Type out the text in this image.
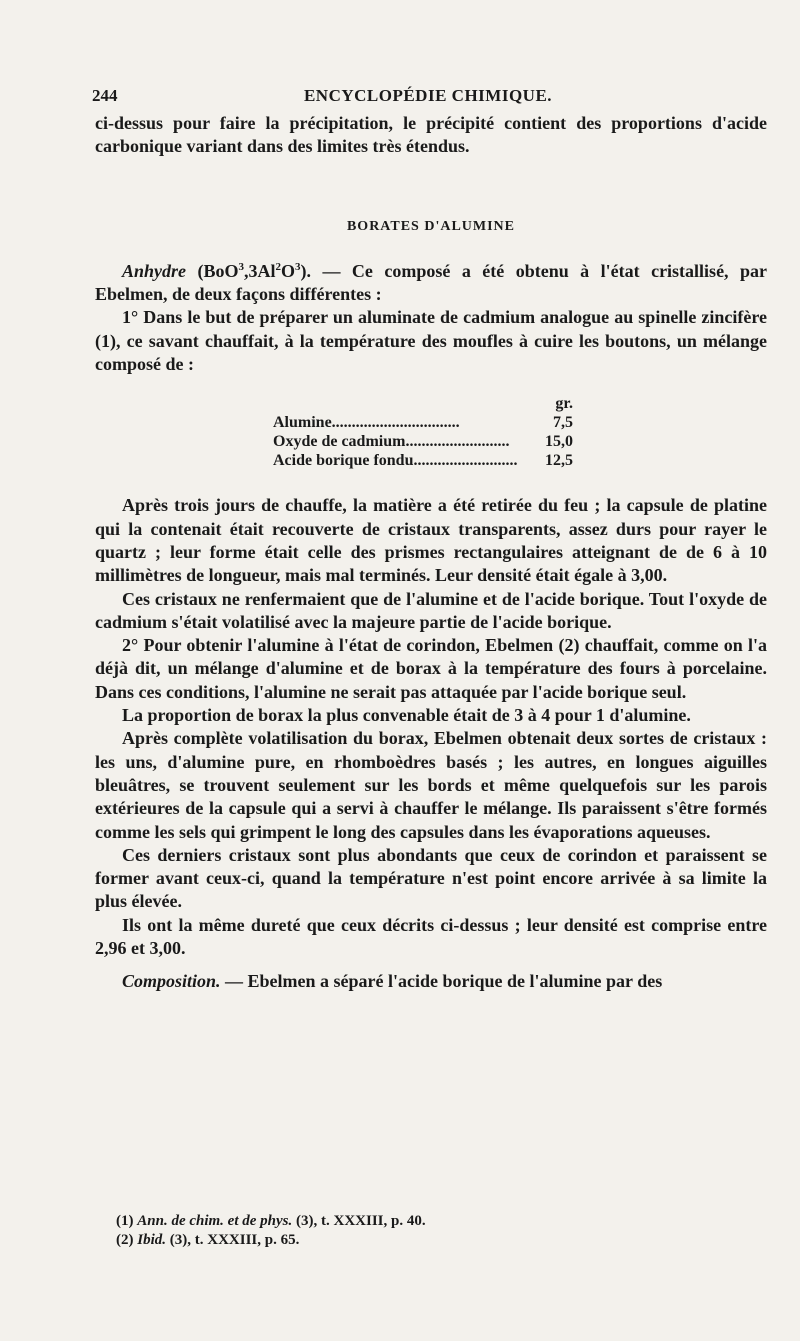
244	ENCYCLOPÉDIE CHIMIQUE.

ci-dessus pour faire la précipitation, le précipité contient des proportions d'acide carbonique variant dans des limites très étendus.

BORATES D'ALUMINE

Anhydre $(BoO^3,3Al^2O^3)$. — Ce composé a été obtenu à l'état cristallisé, par Ebelmen, de deux façons différentes :

1° Dans le but de préparer un aluminate de cadmium analogue au spinelle zincifère (1), ce savant chauffait, à la température des moufles à cuire les boutons, un mélange composé de :

	gr.
Alumine................................	7,5
Oxyde de cadmium..........................	15,0
Acide borique fondu..........................	12,5

Après trois jours de chauffe, la matière a été retirée du feu ; la capsule de platine qui la contenait était recouverte de cristaux transparents, assez durs pour rayer le quartz ; leur forme était celle des prismes rectangulaires atteignant de de 6 à 10 millimètres de longueur, mais mal terminés. Leur densité était égale à 3,00.

Ces cristaux ne renfermaient que de l'alumine et de l'acide borique. Tout l'oxyde de cadmium s'était volatilisé avec la majeure partie de l'acide borique.

2° Pour obtenir l'alumine à l'état de corindon, Ebelmen (2) chauffait, comme on l'a déjà dit, un mélange d'alumine et de borax à la température des fours à porcelaine. Dans ces conditions, l'alumine ne serait pas attaquée par l'acide borique seul.

La proportion de borax la plus convenable était de 3 à 4 pour 1 d'alumine.

Après complète volatilisation du borax, Ebelmen obtenait deux sortes de cristaux : les uns, d'alumine pure, en rhomboèdres basés ; les autres, en longues aiguilles bleuâtres, se trouvent seulement sur les bords et même quelquefois sur les parois extérieures de la capsule qui a servi à chauffer le mélange. Ils paraissent s'être formés comme les sels qui grimpent le long des capsules dans les évaporations aqueuses.

Ces derniers cristaux sont plus abondants que ceux de corindon et paraissent se former avant ceux-ci, quand la température n'est point encore arrivée à sa limite la plus élevée.

Ils ont la même dureté que ceux décrits ci-dessus ; leur densité est comprise entre 2,96 et 3,00.

Composition. — Ebelmen a séparé l'acide borique de l'alumine par des

(1) Ann. de chim. et de phys. (3), t. XXXIII, p. 40.
(2) Ibid. (3), t. XXXIII, p. 65.
